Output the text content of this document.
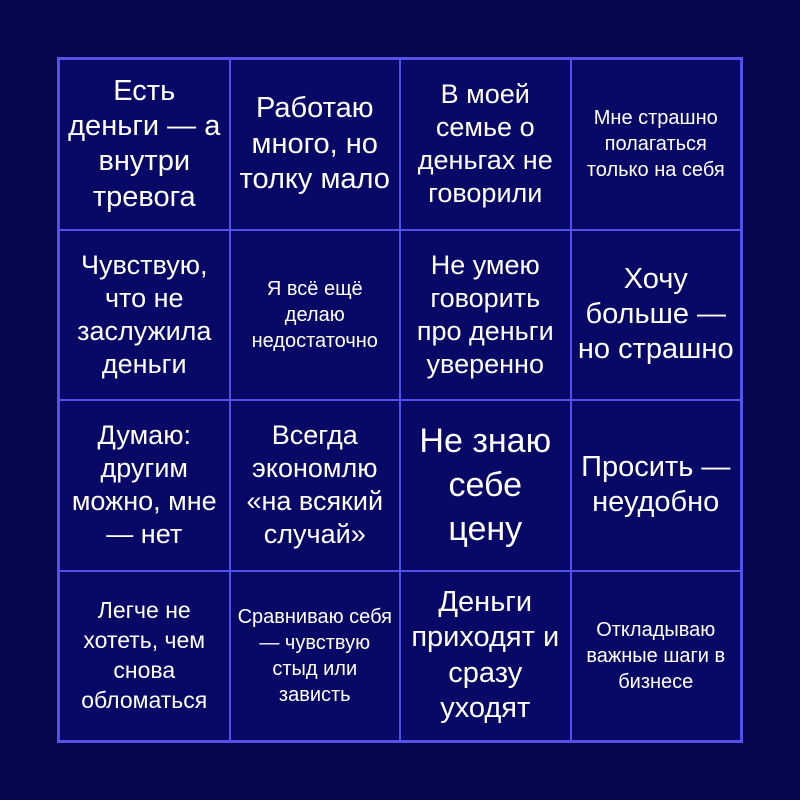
Есть деньги — а внутри тревога
Работаю много, но толку мало
В моей семье о деньгах не говорили
Мне страшно полагаться только на себя
Чувствую, что не заслужила деньги
Я всё ещё делаю недостаточно
Не умею говорить про деньги уверенно
Хочу больше — но страшно
Думаю: другим можно, мне — нет
Всегда экономлю «на всякий случай»
Не знаю себе цену
Просить — неудобно
Легче не хотеть, чем снова обломаться
Сравниваю себя — чувствую стыд или зависть
Деньги приходят и сразу уходят
Откладываю важные шаги в бизнесе
